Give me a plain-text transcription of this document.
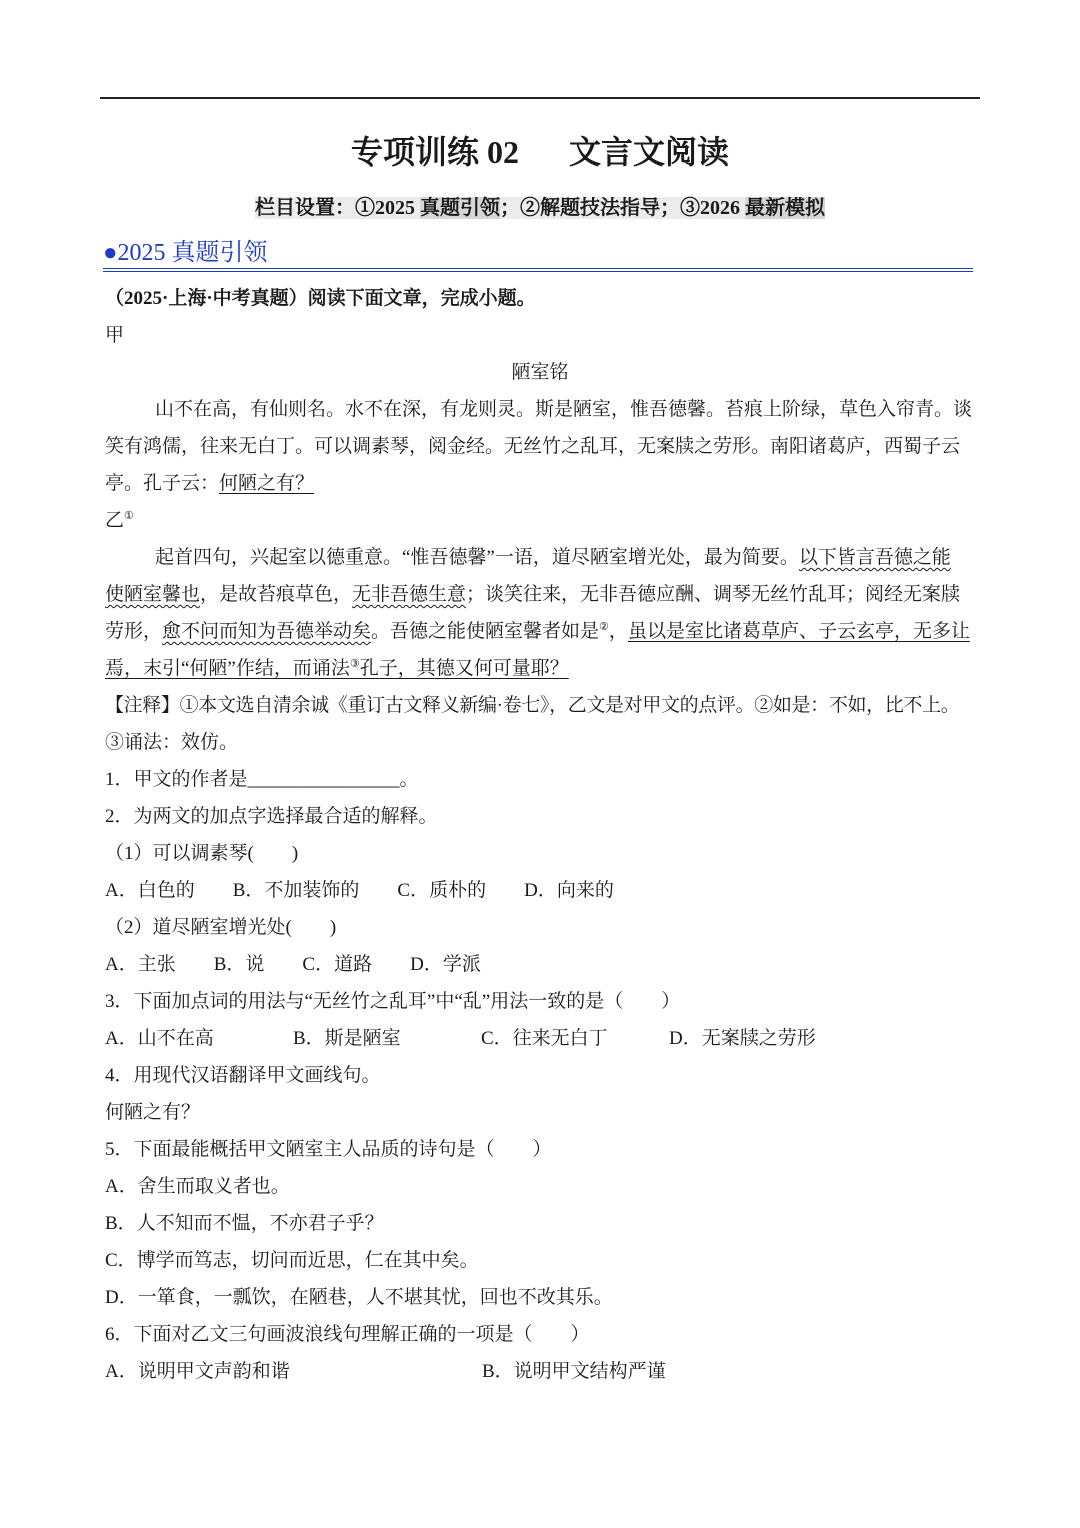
专项训练 02 文言文阅读
栏目设置：①2025 真题引领；②解题技法指导；③2026 最新模拟
●2025 真题引领
（2025·上海·中考真题）阅读下面文章，完成小题。
甲
陋室铭
山不在高，有仙则名。水不在深，有龙则灵。斯是陋室，惟吾德馨。苔痕上阶绿，草色入帘青。谈
笑有鸿儒，往来无白丁。可以调素琴，阅金经。无丝竹之乱耳，无案牍之劳形。南阳诸葛庐，西蜀子云
亭。孔子云：何陋之有？
乙①
起首四句，兴起室以德重意。“惟吾德馨”一语，道尽陋室增光处，最为简要。以下皆言吾德之能
使陋室馨也，是故苔痕草色，无非吾德生意；谈笑往来，无非吾德应酬、调琴无丝竹乱耳；阅经无案牍
劳形，愈不问而知为吾德举动矣。吾德之能使陋室馨者如是②，虽以是室比诸葛草庐、子云玄亭，无多让
焉，末引“何陋”作结，而诵法③孔子，其德又何可量耶？
【注释】①本文选自清余诚《重订古文释义新编·卷七》，乙文是对甲文的点评。②如是：不如，比不上。
③诵法：效仿。
1．甲文的作者是________________。
2．为两文的加点字选择最合适的解释。
（1）可以调素琴(　　)
A．白色的 B．不加装饰的 C．质朴的 D．向来的
（2）道尽陋室增光处(　　)
A．主张 B．说 C．道路 D．学派
3．下面加点词的用法与“无丝竹之乱耳”中“乱”用法一致的是（　　）
A．山不在高	B．斯是陋室	C．往来无白丁	D．无案牍之劳形
4．用现代汉语翻译甲文画线句。
何陋之有？
5．下面最能概括甲文陋室主人品质的诗句是（　　）
A．舍生而取义者也。
B．人不知而不愠，不亦君子乎？
C．博学而笃志，切问而近思，仁在其中矣。
D．一箪食，一瓢饮，在陋巷，人不堪其忧，回也不改其乐。
6．下面对乙文三句画波浪线句理解正确的一项是（　　）
A．说明甲文声韵和谐	B．说明甲文结构严谨
